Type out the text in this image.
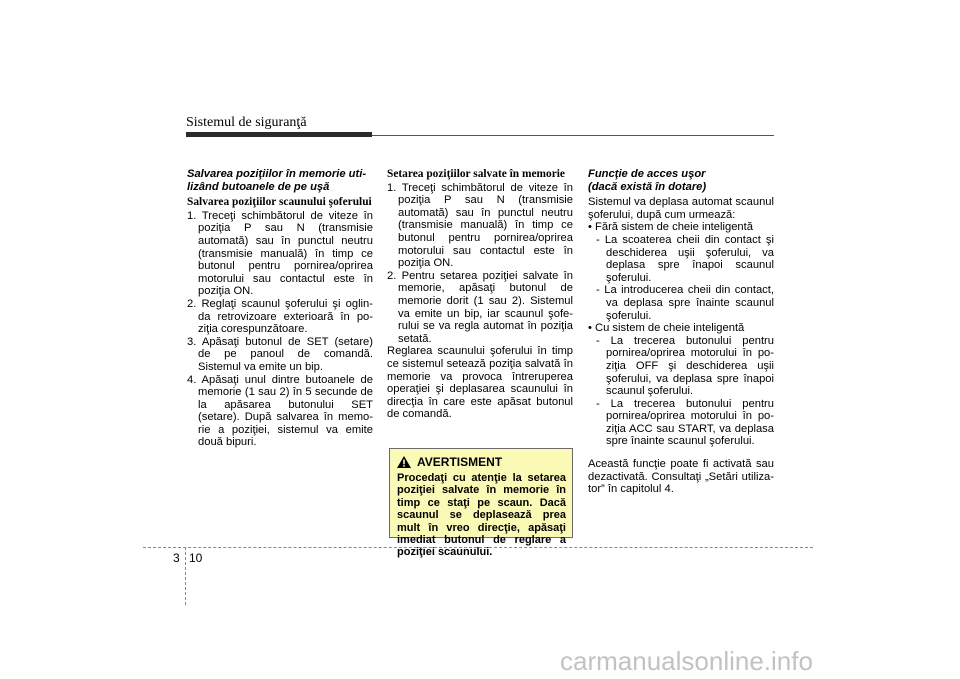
Sistemul de siguranţă
Salvarea poziţiilor în memorie uti-lizând butoanele de pe uşă
Salvarea poziţiilor scaunului şoferului
1. Treceţi schimbătorul de viteze în poziţia P sau N (transmisie automată) sau în punctul neutru (transmisie manuală) în timp ce butonul pentru pornirea/oprirea motorului sau contactul este în poziţia ON.
2. Reglaţi scaunul şoferului şi oglin-da retrovizoare exterioară în po-ziţia corespunzătoare.
3. Apăsaţi butonul de SET (setare) de pe panoul de comandă. Sistemul va emite un bip.
4. Apăsaţi unul dintre butoanele de memorie (1 sau 2) în 5 secunde de la apăsarea butonului SET (setare). După salvarea în memo-rie a poziţiei, sistemul va emite două bipuri.
Setarea poziţiilor salvate în memorie
1. Treceţi schimbătorul de viteze în poziţia P sau N (transmisie automată) sau în punctul neutru (transmisie manuală) în timp ce butonul pentru pornirea/oprirea motorului sau contactul este în poziţia ON.
2. Pentru setarea poziţiei salvate în memorie, apăsaţi butonul de memorie dorit (1 sau 2). Sistemul va emite un bip, iar scaunul şofe-rului se va regla automat în poziţia setată.
Reglarea scaunului şoferului în timp ce sistemul setează poziţia salvată în memorie va provoca întreruperea operaţiei şi deplasarea scaunului în direcţia în care este apăsat butonul de comandă.
AVERTISMENT
Procedaţi cu atenţie la setarea poziţiei salvate în memorie în timp ce staţi pe scaun. Dacă scaunul se deplasează prea mult în vreo direcţie, apăsaţi imediat butonul de reglare a poziţiei scaunului.
Funcţie de acces uşor
(dacă există în dotare)
Sistemul va deplasa automat scaunul şoferului, după cum urmează:
• Fără sistem de cheie inteligentă
- La scoaterea cheii din contact şi deschiderea uşii şoferului, va deplasa spre înapoi scaunul şoferului.
- La introducerea cheii din contact, va deplasa spre înainte scaunul şoferului.
• Cu sistem de cheie inteligentă
- La trecerea butonului pentru pornirea/oprirea motorului în po-ziţia OFF şi deschiderea uşii şoferului, va deplasa spre înapoi scaunul şoferului.
- La trecerea butonului pentru pornirea/oprirea motorului în po-ziţia ACC sau START, va deplasa spre înainte scaunul şoferului.
Această funcţie poate fi activată sau dezactivată. Consultaţi „Setări utiliza-tor” în capitolul 4.
3 10
carmanualsonline.info
